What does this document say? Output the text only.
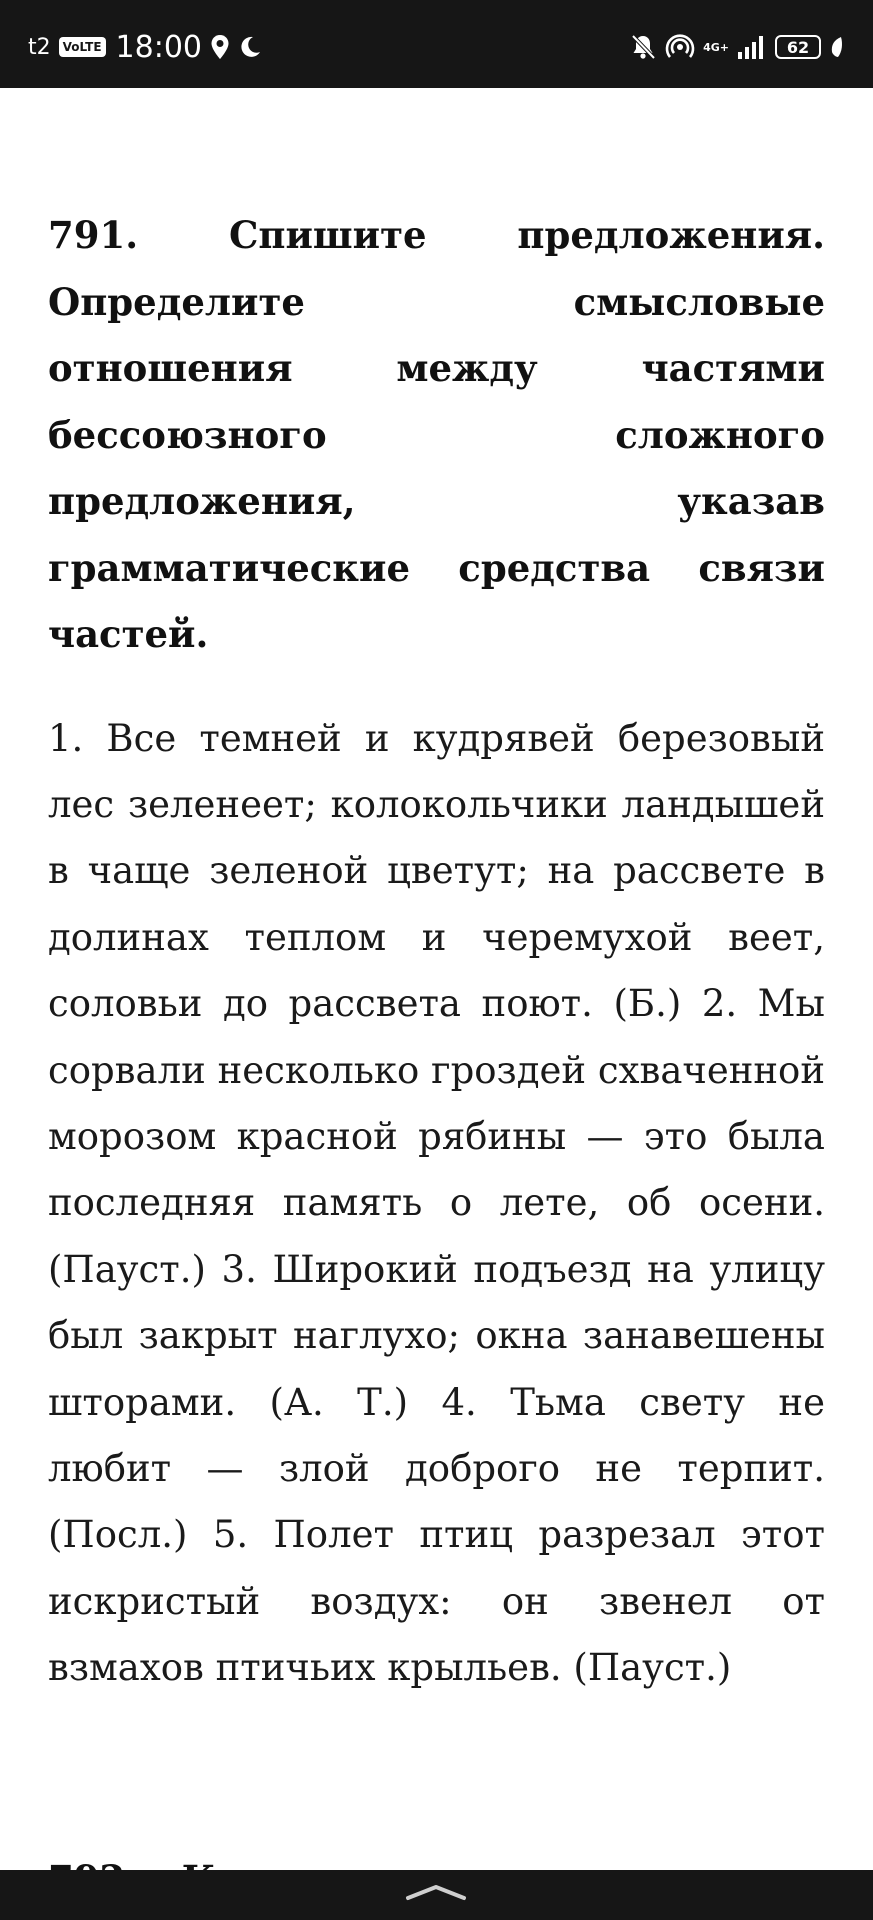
t2	VoLTE 18:00	4G+	62

791. Спишите предложения. Определите смысловые отношения между частями бессоюзного сложного предложения, указав грамматические средства связи частей.

1. Все темней и кудрявей березовый лес зеленеет; колокольчики ландышей в чаще зеленой цветут; на рассвете в долинах теплом и черемухой веет, соловьи до рассвета поют. (Б.) 2. Мы сорвали несколько гроздей схваченной морозом красной рябины — это была последняя память о лете, об осени. (Пауст.) 3. Широкий подъезд на улицу был закрыт наглухо; окна занавешены шторами. (А. Т.) 4. Тьма свету не любит — злой доброго не терпит. (Посл.) 5. Полет птиц разрезал этот искристый воздух: он звенел от взмахов птичьих крыльев. (Пауст.)
